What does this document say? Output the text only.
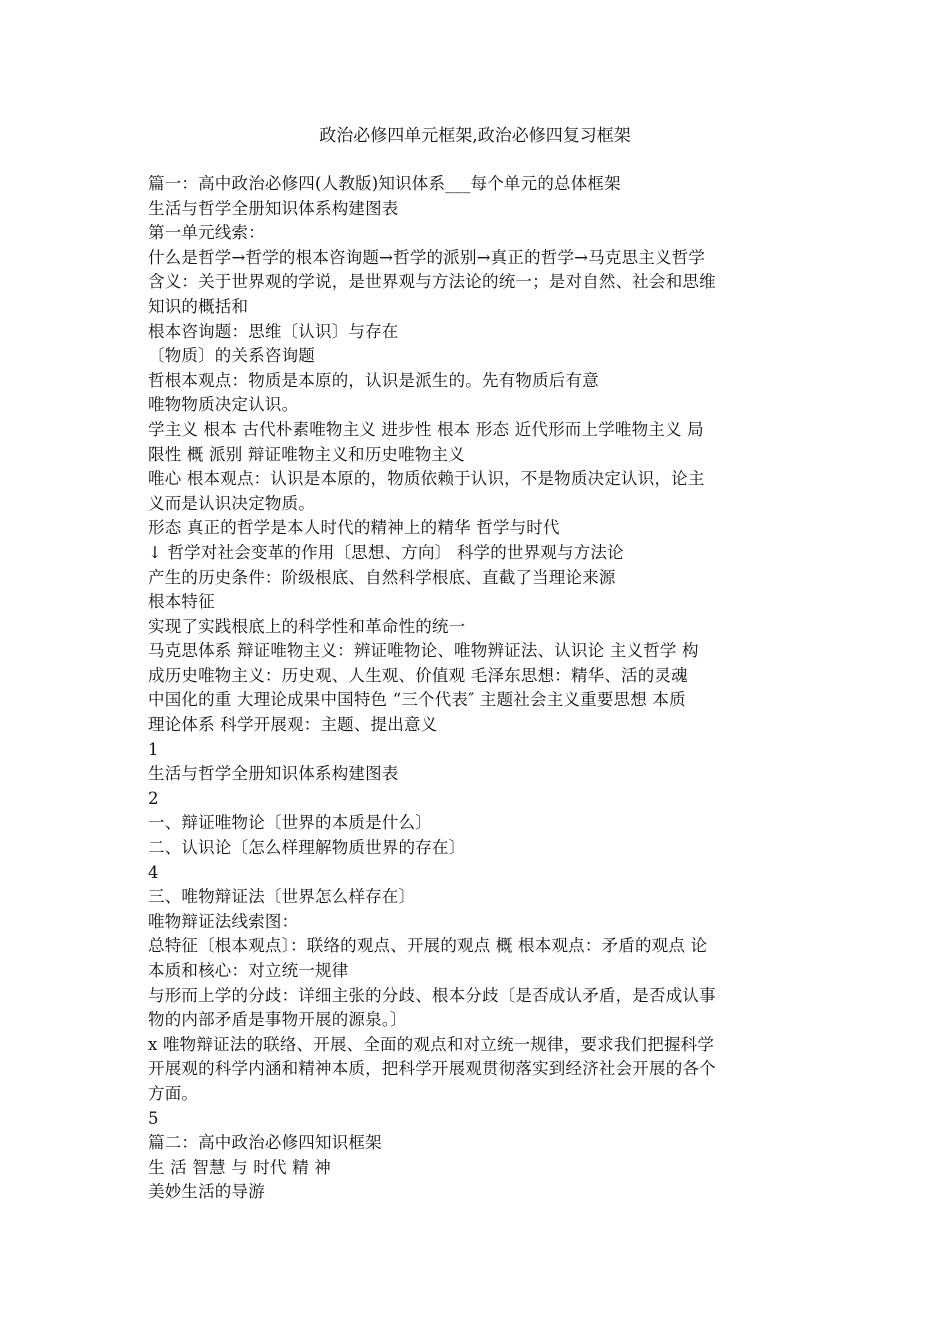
政治必修四单元框架,政治必修四复习框架
篇一：高中政治必修四(人教版)知识体系___每个单元的总体框架
生活与哲学全册知识体系构建图表
第一单元线索：
什么是哲学→哲学的根本咨询题→哲学的派别→真正的哲学→马克思主义哲学
含义：关于世界观的学说，是世界观与方法论的统一；是对自然、社会和思维
知识的概括和
根本咨询题：思维〔认识〕与存在
〔物质〕的关系咨询题
哲根本观点：物质是本原的，认识是派生的。先有物质后有意
唯物物质决定认识。
学主义 根本 古代朴素唯物主义 进步性 根本 形态 近代形而上学唯物主义 局
限性 概 派别 辩证唯物主义和历史唯物主义
唯心 根本观点：认识是本原的，物质依赖于认识，不是物质决定认识，论主
义而是认识决定物质。
形态 真正的哲学是本人时代的精神上的精华 哲学与时代
↓ 哲学对社会变革的作用〔思想、方向〕 科学的世界观与方法论
产生的历史条件：阶级根底、自然科学根底、直截了当理论来源
根本特征
实现了实践根底上的科学性和革命性的统一
马克思体系 辩证唯物主义：辨证唯物论、唯物辨证法、认识论 主义哲学 构
成历史唯物主义：历史观、人生观、价值观 毛泽东思想：精华、活的灵魂
中国化的重 大理论成果中国特色 “三个代表″ 主题社会主义重要思想 本质
理论体系 科学开展观：主题、提出意义
1
生活与哲学全册知识体系构建图表
2
一、辩证唯物论〔世界的本质是什么〕
二、认识论〔怎么样理解物质世界的存在〕
4
三、唯物辩证法〔世界怎么样存在〕
唯物辩证法线索图：
总特征〔根本观点〕：联络的观点、开展的观点 概 根本观点：矛盾的观点 论
本质和核心：对立统一规律
与形而上学的分歧：详细主张的分歧、根本分歧〔是否成认矛盾，是否成认事
物的内部矛盾是事物开展的源泉。〕
x 唯物辩证法的联络、开展、全面的观点和对立统一规律，要求我们把握科学
开展观的科学内涵和精神本质，把科学开展观贯彻落实到经济社会开展的各个
方面。
5
篇二：高中政治必修四知识框架
生 活 智慧 与 时代 精 神
美妙生活的导游
